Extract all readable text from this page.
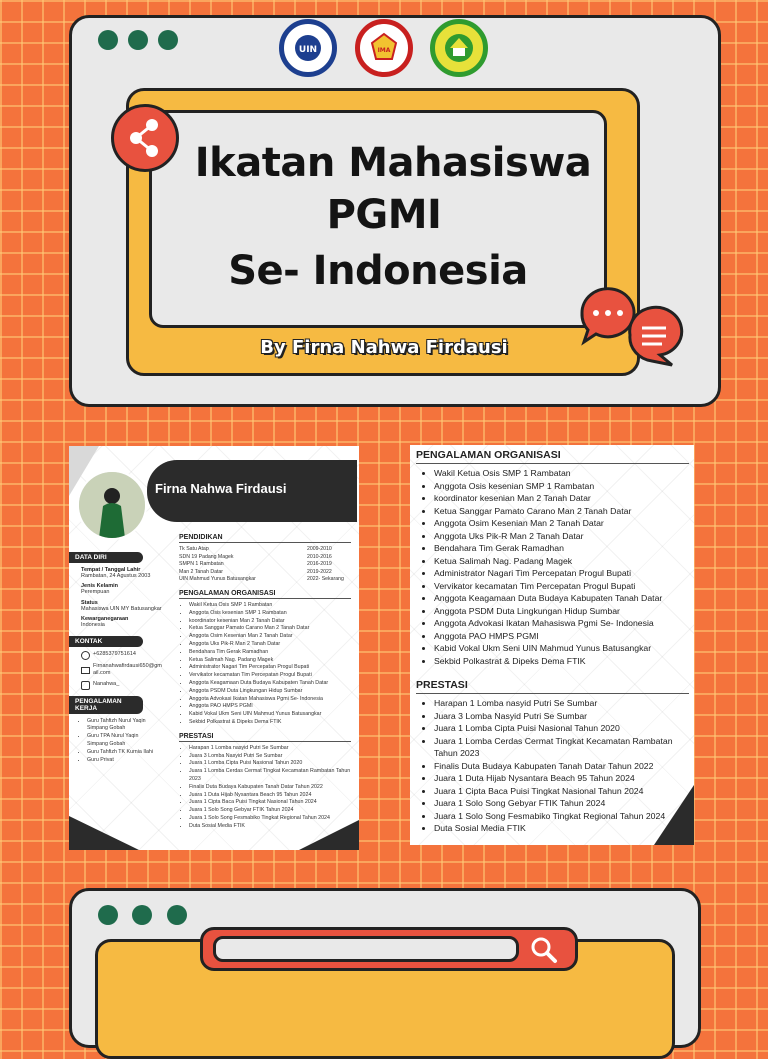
UIN	IMA
Ikatan Mahasiswa
PGMI
Se- Indonesia
By Firna Nahwa Firdausi
Firna Nahwa Firdausi
DATA DIRI
Tempat / Tanggal Lahir
Rambatan, 24 Agustus 2003
Jenis Kelamin
Perempuan
Status
Mahasiswa UIN MY Batusangkar
Kewarganegaraan
Indonesia
KONTAK
+6285379751614
Firnanahwafirdausi650@gmail.com
Nanahwa_
PENGALAMAN KERJA
• Guru Tahfizh Nurul Yaqin Simpang Gobah
• Guru TPA Nurul Yaqin Simpang Gobah
• Guru Tahfizh TK Kurnia Ilahi
• Guru Privat
PENDIDIKAN
Tk Satu Atap	2009-2010
SDN 19 Padang Magek	2010-2016
SMPN 1 Rambatan	2016-2019
Man 2 Tanah Datar	2019-2022
UIN Mahmud Yunus Batusangkar	2022- Sekarang
PENGALAMAN ORGANISASI
• Wakil Ketua Osis SMP 1 Rambatan
• Anggota Osis kesenian SMP 1 Rambatan
• koordinator kesenian Man 2 Tanah Datar
• Ketua Sanggar Pamato Carano Man 2 Tanah Datar
• Anggota Osim Kesenian Man 2 Tanah Datar
• Anggota Uks Pik-R Man 2 Tanah Datar
• Bendahara Tim Gerak Ramadhan
• Ketua Salimah Nag. Padang Magek
• Administrator Nagari Tim Percepatan Progul Bupati
• Vervikator kecamatan Tim Percepatan Progul Bupati
• Anggota Keagamaan Duta Budaya Kabupaten Tanah Datar
• Anggota PSDM Duta Lingkungan Hidup Sumbar
• Anggota Advokasi Ikatan Mahasiswa Pgmi Se- Indonesia
• Anggota PAO HMPS PGMI
• Kabid Vokal Ukm Seni UIN Mahmud Yunus Batusangkar
• Sekbid Polkastrat & Dipeks Dema FTIK
PRESTASI
• Harapan 1 Lomba nasyid Putri Se Sumbar
• Juara 3 Lomba Nasyid Putri Se Sumbar
• Juara 1 Lomba Cipta Puisi Nasional Tahun 2020
• Juara 1 Lomba Cerdas Cermat Tingkat Kecamatan Rambatan Tahun 2023
• Finalis Duta Budaya Kabupaten Tanah Datar Tahun 2022
• Juara 1 Duta Hijab Nysantara Beach 95 Tahun 2024
• Juara 1 Cipta Baca Puisi Tingkat Nasional Tahun 2024
• Juara 1 Solo Song Gebyar FTIK Tahun 2024
• Juara 1 Solo Song Fesmabiko Tingkat Regional Tahun 2024
• Duta Sosial Media FTIK
PENGALAMAN ORGANISASI
• Wakil Ketua Osis SMP 1 Rambatan
• Anggota Osis kesenian SMP 1 Rambatan
• koordinator kesenian Man 2 Tanah Datar
• Ketua Sanggar Pamato Carano Man 2 Tanah Datar
• Anggota Osim Kesenian Man 2 Tanah Datar
• Anggota Uks Pik-R Man 2 Tanah Datar
• Bendahara Tim Gerak Ramadhan
• Ketua Salimah Nag. Padang Magek
• Administrator Nagari Tim Percepatan Progul Bupati
• Vervikator kecamatan Tim Percepatan Progul Bupati
• Anggota Keagamaan Duta Budaya Kabupaten Tanah Datar
• Anggota PSDM Duta Lingkungan Hidup Sumbar
• Anggota Advokasi Ikatan Mahasiswa Pgmi Se- Indonesia
• Anggota PAO HMPS PGMI
• Kabid Vokal Ukm Seni UIN Mahmud Yunus Batusangkar
• Sekbid Polkastrat & Dipeks Dema FTIK
PRESTASI
• Harapan 1 Lomba nasyid Putri Se Sumbar
• Juara 3 Lomba Nasyid Putri Se Sumbar
• Juara 1 Lomba Cipta Puisi Nasional Tahun 2020
• Juara 1 Lomba Cerdas Cermat Tingkat Kecamatan Rambatan Tahun 2023
• Finalis Duta Budaya Kabupaten Tanah Datar Tahun 2022
• Juara 1 Duta Hijab Nysantara Beach 95 Tahun 2024
• Juara 1 Cipta Baca Puisi Tingkat Nasional Tahun 2024
• Juara 1 Solo Song Gebyar FTIK Tahun 2024
• Juara 1 Solo Song Fesmabiko Tingkat Regional Tahun 2024
• Duta Sosial Media FTIK
